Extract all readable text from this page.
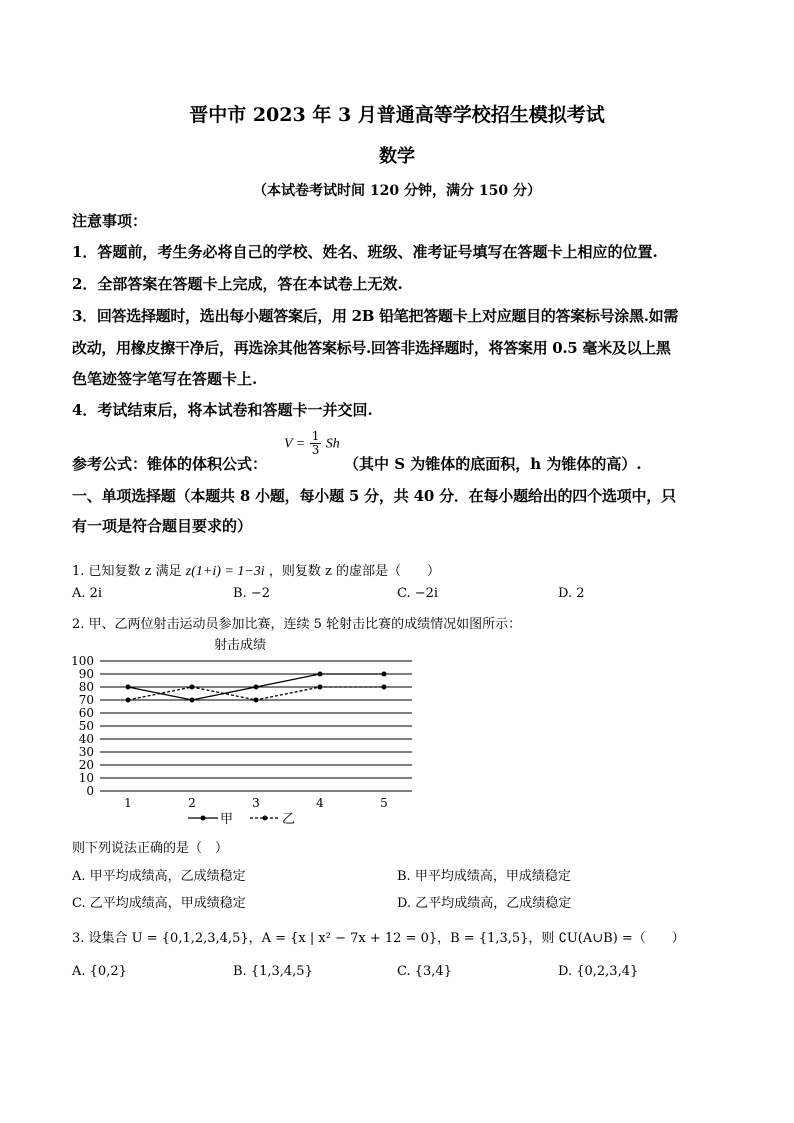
晋中市 2023 年 3 月普通高等学校招生模拟考试
数学
（本试卷考试时间 120 分钟，满分 150 分）
注意事项：
1．答题前，考生务必将自己的学校、姓名、班级、准考证号填写在答题卡上相应的位置.
2．全部答案在答题卡上完成，答在本试卷上无效.
3．回答选择题时，选出每小题答案后，用 2B 铅笔把答题卡上对应题目的答案标号涂黑.如需
改动，用橡皮擦干净后，再选涂其他答案标号.回答非选择题时，将答案用 0.5 毫米及以上黑
色笔迹签字笔写在答题卡上.
4．考试结束后，将本试卷和答题卡一并交回.
参考公式：锥体的体积公式：
$V = \frac{1}{3}$ Sh
（其中 S 为锥体的底面积，h 为锥体的高）.
一、单项选择题（本题共 8 小题，每小题 5 分，共 40 分．在每小题给出的四个选项中，只
有一项是符合题目要求的）
1. 已知复数 z 满足 z(1+i) = 1−3i ，则复数 z 的虚部是（　　）
A. 2i	B. −2	C. −2i	D. 2
2. 甲、乙两位射击运动员参加比赛，连续 5 轮射击比赛的成绩情况如图所示：
射击成绩
0
10
20
30
40
50
60
70
80
90
100
1	2	3	4	5
甲	乙
则下列说法正确的是（　）
A. 甲平均成绩高，乙成绩稳定	B. 甲平均成绩高，甲成绩稳定
C. 乙平均成绩高，甲成绩稳定	D. 乙平均成绩高，乙成绩稳定
3. 设集合 U = {0,1,2,3,4,5}，A = {x | x² − 7x + 12 = 0}，B = {1,3,5}，则 ∁U(A∪B) =（　　）
A. {0,2}	B. {1,3,4,5}	C. {3,4}	D. {0,2,3,4}
